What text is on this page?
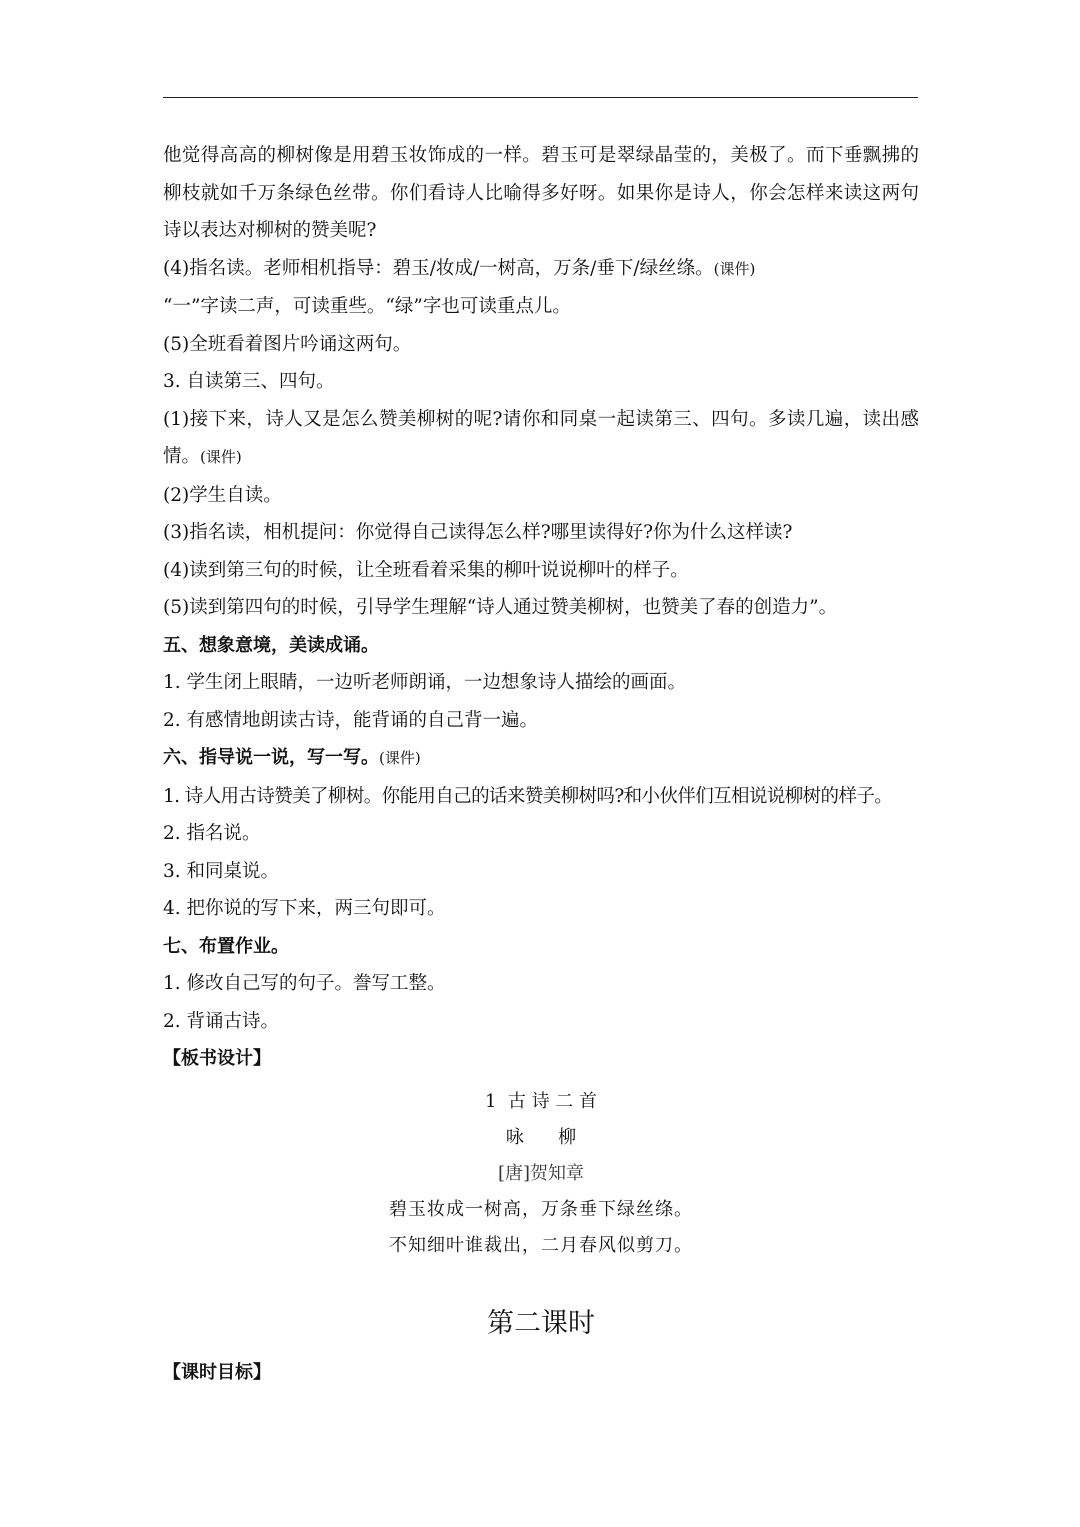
他觉得高高的柳树像是用碧玉妆饰成的一样。碧玉可是翠绿晶莹的，美极了。而下垂飘拂的柳枝就如千万条绿色丝带。你们看诗人比喻得多好呀。如果你是诗人，你会怎样来读这两句诗以表达对柳树的赞美呢?

(4)指名读。老师相机指导：碧玉/妆成/一树高，万条/垂下/绿丝绦。(课件)

“一”字读二声，可读重些。“绿”字也可读重点儿。

(5)全班看着图片吟诵这两句。

3. 自读第三、四句。

(1)接下来，诗人又是怎么赞美柳树的呢?请你和同桌一起读第三、四句。多读几遍，读出感情。(课件)

(2)学生自读。

(3)指名读，相机提问：你觉得自己读得怎么样?哪里读得好?你为什么这样读?

(4)读到第三句的时候，让全班看着采集的柳叶说说柳叶的样子。

(5)读到第四句的时候，引导学生理解“诗人通过赞美柳树，也赞美了春的创造力”。

五、想象意境，美读成诵。

1. 学生闭上眼睛，一边听老师朗诵，一边想象诗人描绘的画面。

2. 有感情地朗读古诗，能背诵的自己背一遍。

六、指导说一说，写一写。(课件)

1. 诗人用古诗赞美了柳树。你能用自己的话来赞美柳树吗?和小伙伴们互相说说柳树的样子。

2. 指名说。

3. 和同桌说。

4. 把你说的写下来，两三句即可。

七、布置作业。

1. 修改自己写的句子。誊写工整。

2. 背诵古诗。

【板书设计】

1  古 诗 二 首

咏      柳

[唐]贺知章

碧玉妆成一树高，万条垂下绿丝绦。

不知细叶谁裁出，二月春风似剪刀。

第二课时

【课时目标】
